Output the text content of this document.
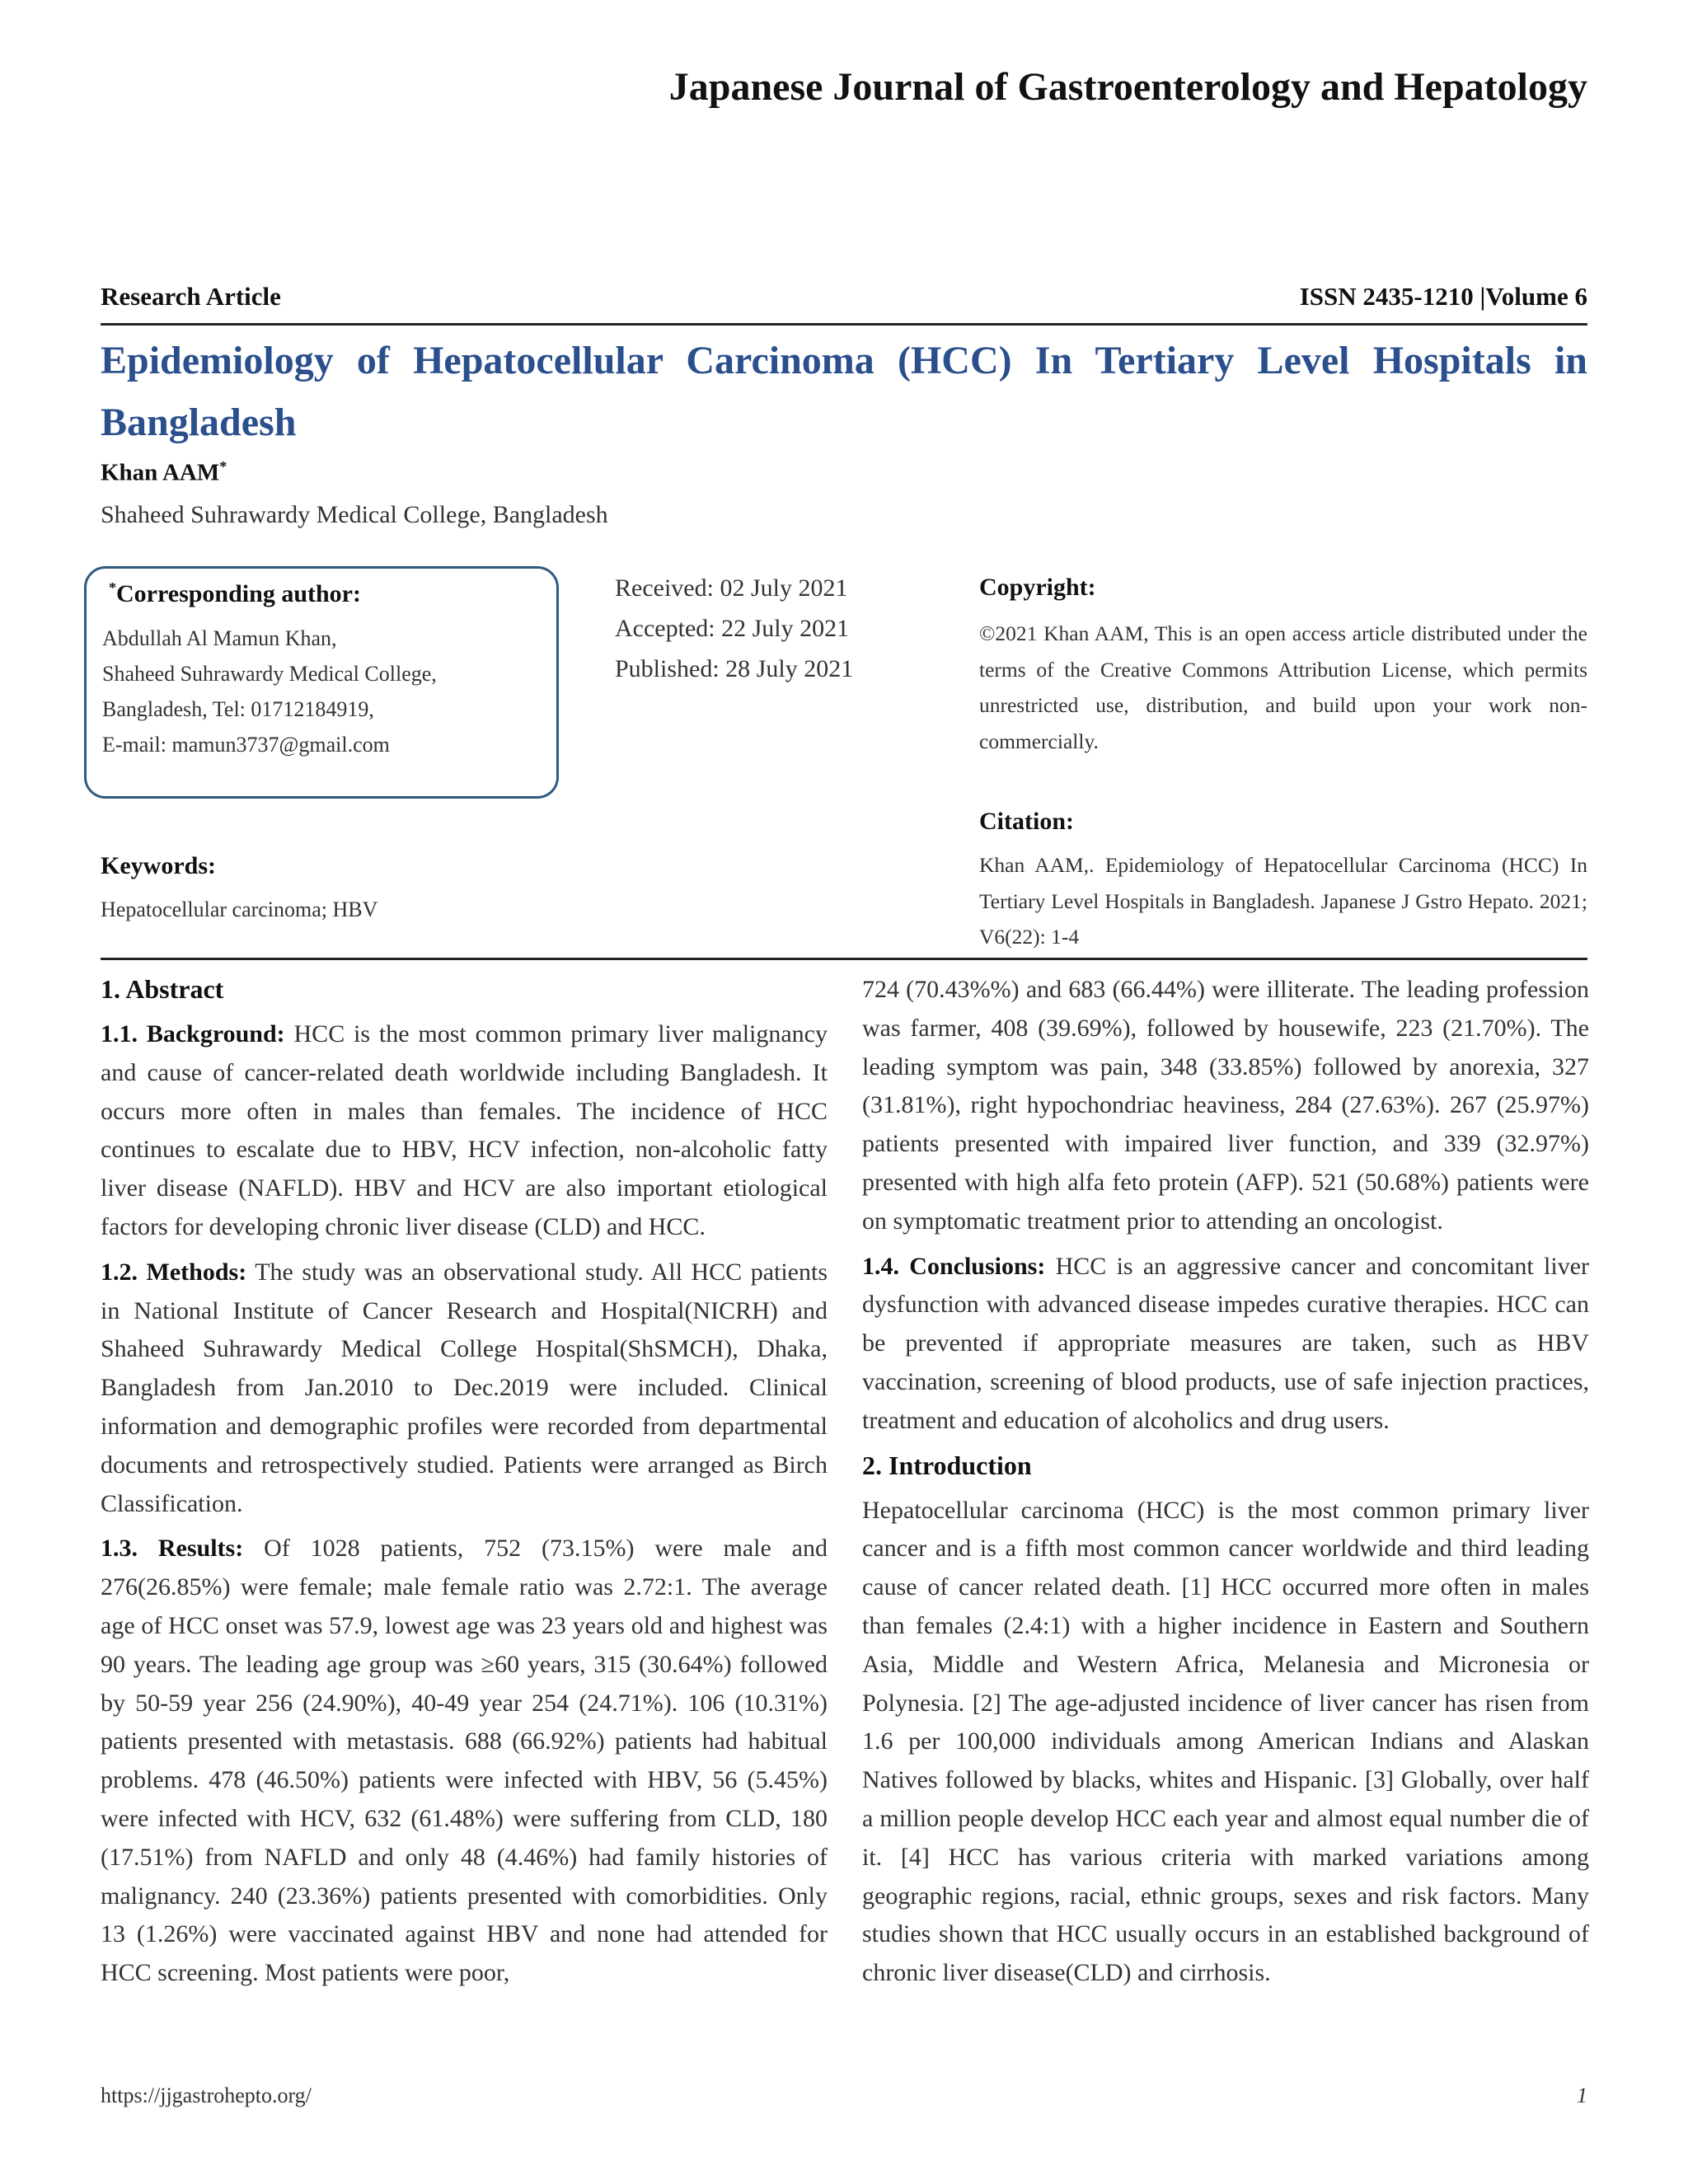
Japanese Journal of Gastroenterology and Hepatology
Research Article	ISSN 2435-1210 |Volume 6
Epidemiology of Hepatocellular Carcinoma (HCC) In Tertiary Level Hospitals in Bangladesh
Khan AAM*
Shaheed Suhrawardy Medical College, Bangladesh
*Corresponding author:
Abdullah Al Mamun Khan,
Shaheed Suhrawardy Medical College,
Bangladesh, Tel: 01712184919,
E-mail: mamun3737@gmail.com
Received: 02 July 2021
Accepted: 22 July 2021
Published: 28 July 2021
Copyright:

©2021 Khan AAM, This is an open access article distributed under the terms of the Creative Commons Attribution License, which permits unrestricted use, distribution, and build upon your work non-commercially.

Citation:

Khan AAM,. Epidemiology of Hepatocellular Carcinoma (HCC) In Tertiary Level Hospitals in Bangladesh. Japanese J Gstro Hepato. 2021; V6(22): 1-4

Keywords:
Hepatocellular carcinoma; HBV
1. Abstract

1.1. Background: HCC is the most common primary liver malignancy and cause of cancer-related death worldwide including Bangladesh. It occurs more often in males than females. The incidence of HCC continues to escalate due to HBV, HCV infection, non-alcoholic fatty liver disease (NAFLD). HBV and HCV are also important etiological factors for developing chronic liver disease (CLD) and HCC.

1.2. Methods: The study was an observational study. All HCC patients in National Institute of Cancer Research and Hospital(NICRH) and Shaheed Suhrawardy Medical College Hospital(ShSMCH), Dhaka, Bangladesh from Jan.2010 to Dec.2019 were included. Clinical information and demographic profiles were recorded from departmental documents and retrospectively studied. Patients were arranged as Birch Classification.

1.3. Results: Of 1028 patients, 752 (73.15%) were male and 276(26.85%) were female; male female ratio was 2.72:1. The average age of HCC onset was 57.9, lowest age was 23 years old and highest was 90 years. The leading age group was ≥60 years, 315 (30.64%) followed by 50-59 year 256 (24.90%), 40-49 year 254 (24.71%). 106 (10.31%) patients presented with metastasis. 688 (66.92%) patients had habitual problems. 478 (46.50%) patients were infected with HBV, 56 (5.45%) were infected with HCV, 632 (61.48%) were suffering from CLD, 180 (17.51%) from NAFLD and only 48 (4.46%) had family histories of malignancy. 240 (23.36%) patients presented with comorbidities. Only 13 (1.26%) were vaccinated against HBV and none had attended for HCC screening. Most patients were poor,

724 (70.43%%) and 683 (66.44%) were illiterate. The leading profession was farmer, 408 (39.69%), followed by housewife, 223 (21.70%). The leading symptom was pain, 348 (33.85%) followed by anorexia, 327 (31.81%), right hypochondriac heaviness, 284 (27.63%). 267 (25.97%) patients presented with impaired liver function, and 339 (32.97%) presented with high alfa feto protein (AFP). 521 (50.68%) patients were on symptomatic treatment prior to attending an oncologist.

1.4. Conclusions: HCC is an aggressive cancer and concomitant liver dysfunction with advanced disease impedes curative therapies. HCC can be prevented if appropriate measures are taken, such as HBV vaccination, screening of blood products, use of safe injection practices, treatment and education of alcoholics and drug users.

2. Introduction

Hepatocellular carcinoma (HCC) is the most common primary liver cancer and is a fifth most common cancer worldwide and third leading cause of cancer related death. [1] HCC occurred more often in males than females (2.4:1) with a higher incidence in Eastern and Southern Asia, Middle and Western Africa, Melanesia and Micronesia or Polynesia. [2] The age-adjusted incidence of liver cancer has risen from 1.6 per 100,000 individuals among American Indians and Alaskan Natives followed by blacks, whites and Hispanic. [3] Globally, over half a million people develop HCC each year and almost equal number die of it. [4] HCC has various criteria with marked variations among geographic regions, racial, ethnic groups, sexes and risk factors. Many studies shown that HCC usually occurs in an established background of chronic liver disease(CLD) and cirrhosis.

https://jjgastrohepto.org/	1
